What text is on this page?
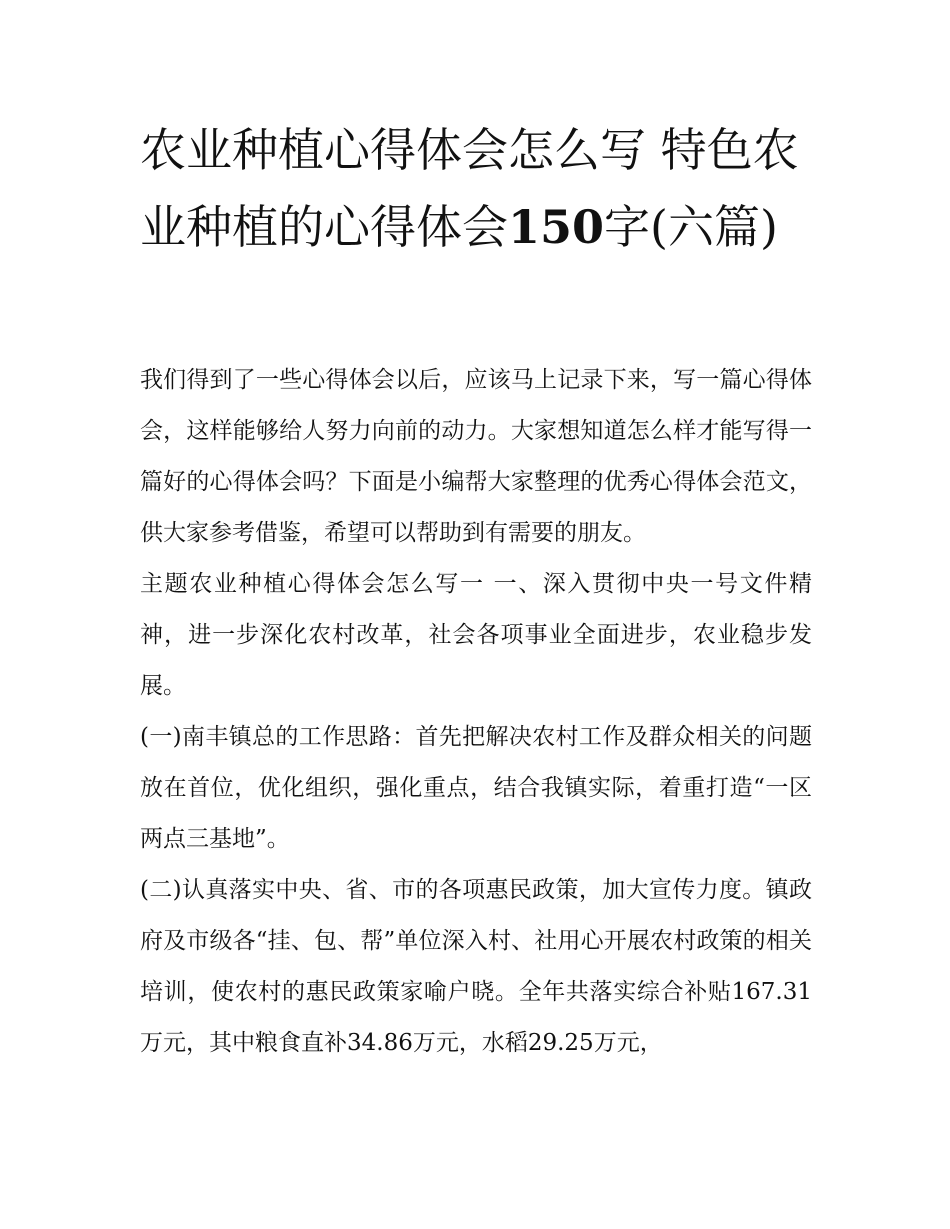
农业种植心得体会怎么写 特色农业种植的心得体会150字(六篇)

我们得到了一些心得体会以后，应该马上记录下来，写一篇心得体会，这样能够给人努力向前的动力。大家想知道怎么样才能写得一篇好的心得体会吗？下面是小编帮大家整理的优秀心得体会范文，供大家参考借鉴，希望可以帮助到有需要的朋友。

主题农业种植心得体会怎么写一 一、深入贯彻中央一号文件精神，进一步深化农村改革，社会各项事业全面进步，农业稳步发展。

(一)南丰镇总的工作思路：首先把解决农村工作及群众相关的问题放在首位，优化组织，强化重点，结合我镇实际，着重打造“一区两点三基地”。

(二)认真落实中央、省、市的各项惠民政策，加大宣传力度。镇政府及市级各“挂、包、帮”单位深入村、社用心开展农村政策的相关培训，使农村的惠民政策家喻户晓。全年共落实综合补贴167.31万元，其中粮食直补34.86万元，水稻29.25万元，
